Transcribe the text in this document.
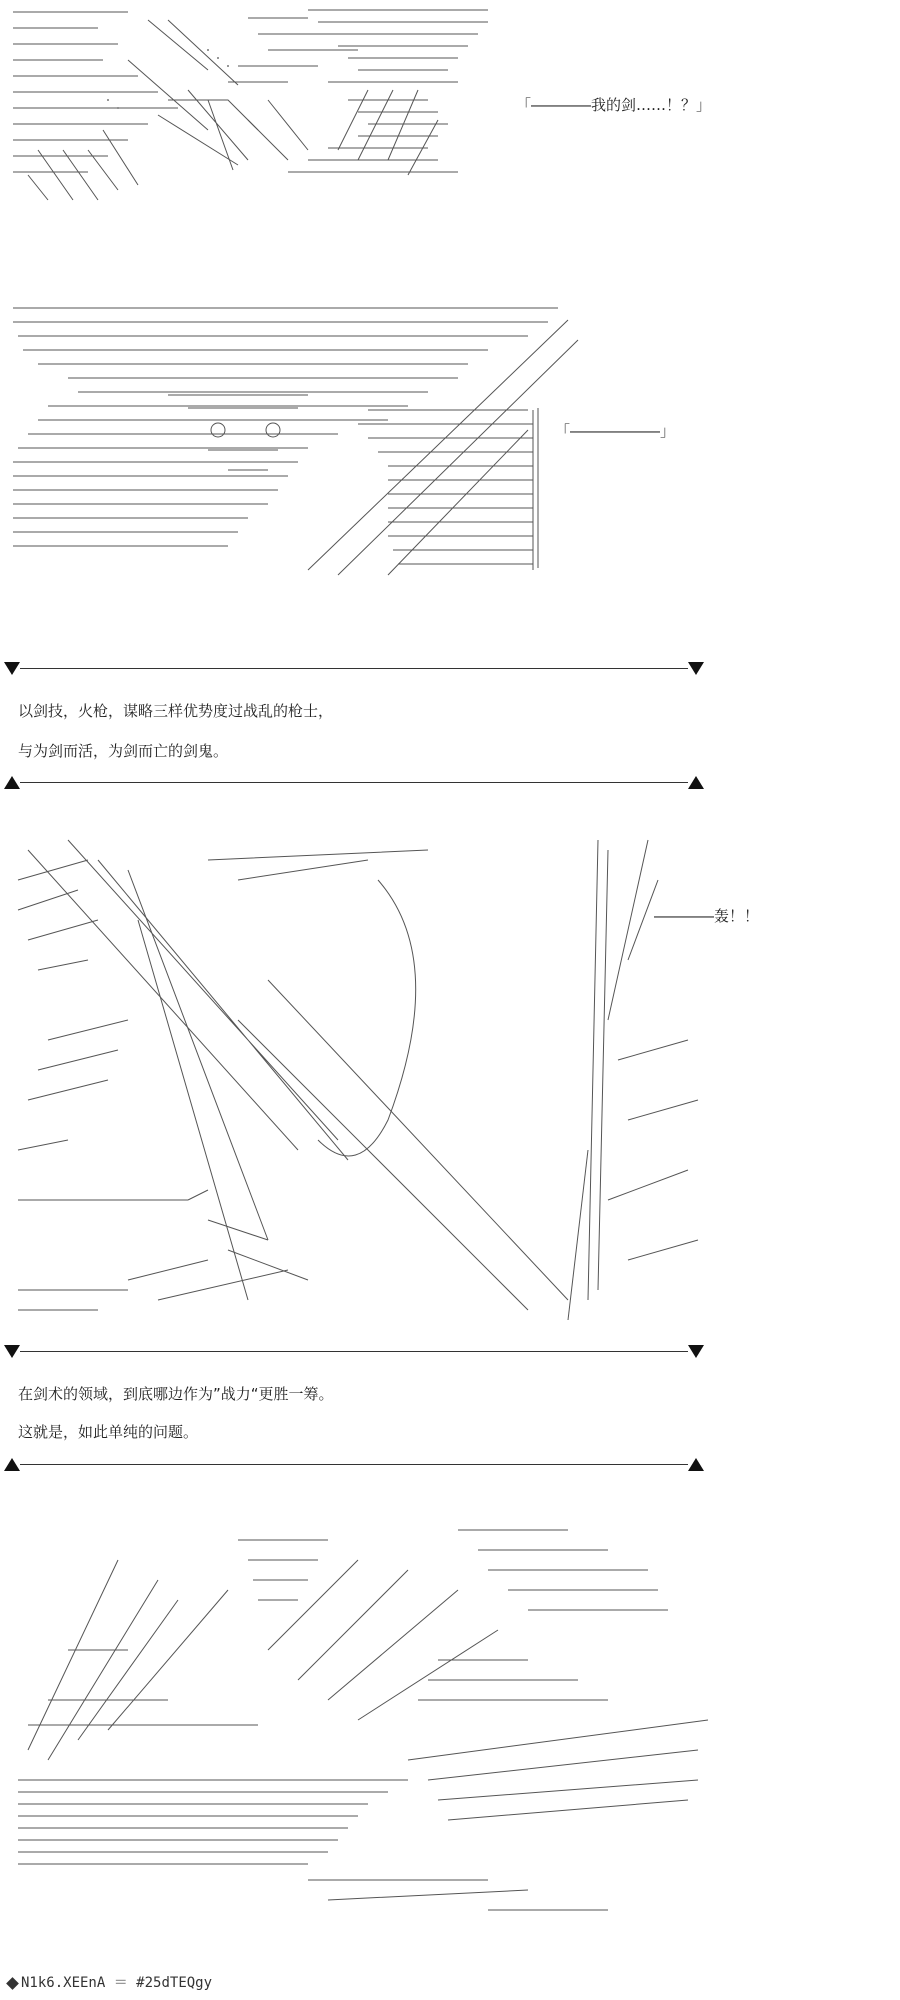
「――――我的剑……！？」
「――――――」
以剑技，火枪，谋略三样优势度过战乱的枪士，
与为剑而活，为剑而亡的剑鬼。
――――轰！！
在剑术的领域，到底哪边作为”战力“更胜一筹。
这就是，如此单纯的问题。
N1k6.XEEnA ＝ #25dTEQgy
